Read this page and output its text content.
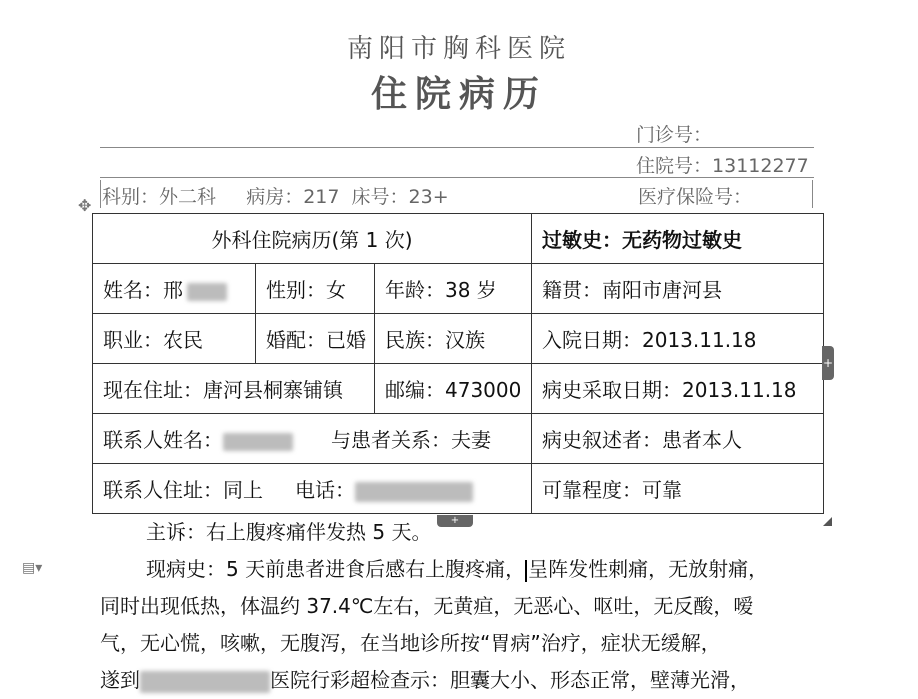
南阳市胸科医院
住院病历
门诊号：
住院号：13112277
科别：外二科     病房：217  床号：23+	医疗保险号：
✥
外科住院病历(第 1 次)			过敏史：无药物过敏史
姓名：邢	性别：女	年龄：38 岁	籍贯：南阳市唐河县
职业：农民	婚配：已婚	民族：汉族	入院日期：2013.11.18
现在住址：唐河县桐寨铺镇		邮编：473000	病史采取日期：2013.11.18
联系人姓名： 与患者关系：夫妻			病史叙述者：患者本人
联系人住址：同上 电话：			可靠程度：可靠
+
+
▤▾

主诉：右上腹疼痛伴发热 5 天。

现病史：5 天前患者进食后感右上腹疼痛， 呈阵发性刺痛，无放射痛，

同时出现低热，体温约 37.4℃左右，无黄疸，无恶心、呕吐，无反酸，嗳

气，无心慌，咳嗽，无腹泻，在当地诊所按“胃病”治疗，症状无缓解，

遂到	医院行彩超检查示：胆囊大小、形态正常，壁薄光滑，
